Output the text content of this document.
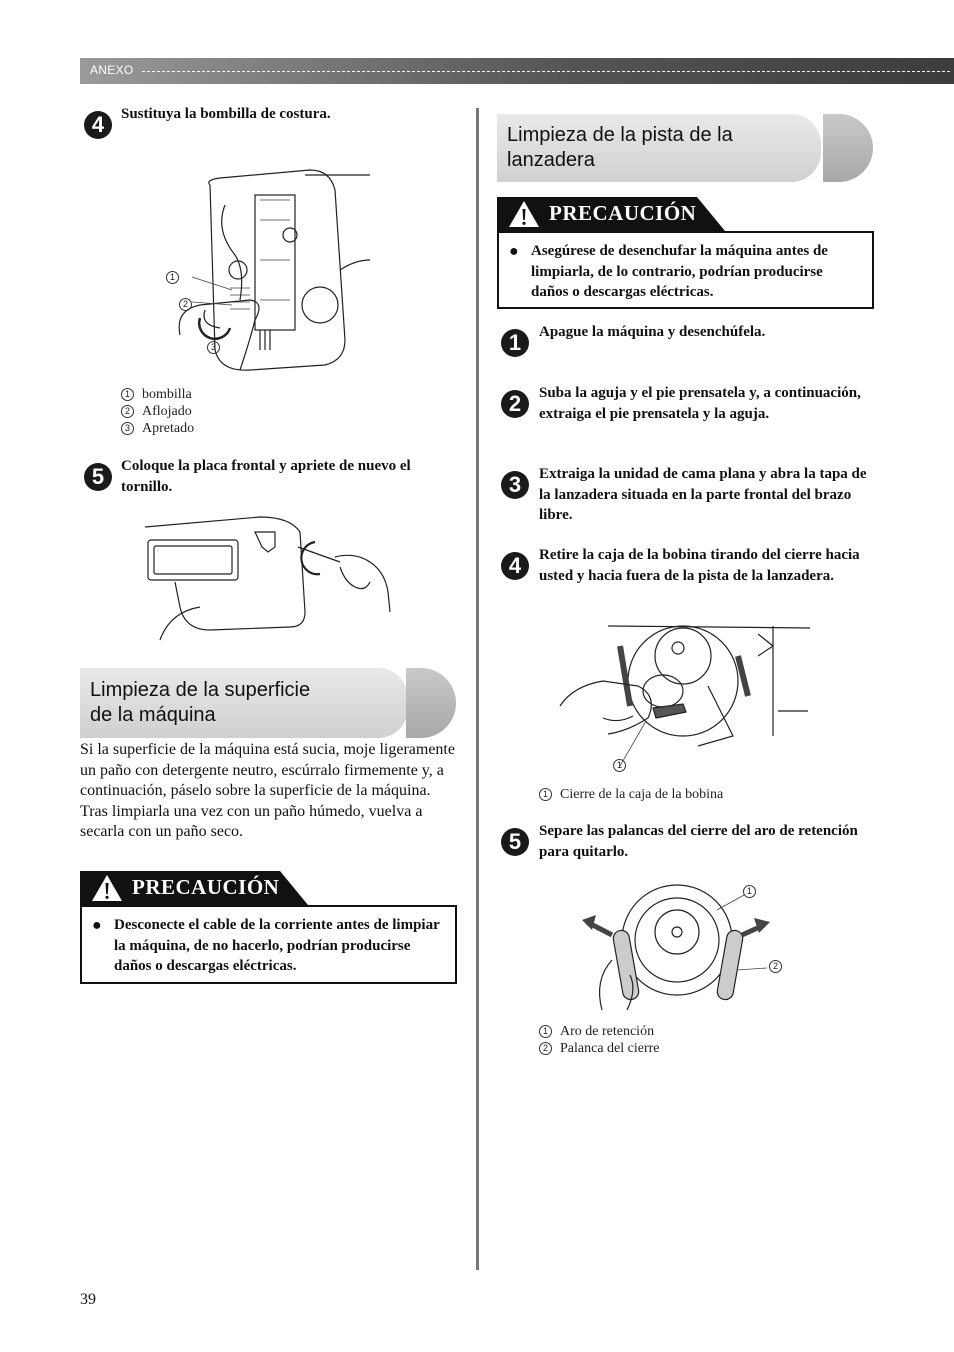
ANEXO
4	Sustituya la bombilla de costura.
1
2
3
1 bombilla
2 Aflojado
3 Apretado
5	Coloque la placa frontal y apriete de nuevo el tornillo.
Limpieza de la superficie
de la máquina
Si la superficie de la máquina está sucia, moje ligeramente un paño con detergente neutro, escúrralo firmemente y, a continuación, páselo sobre la superficie de la máquina. Tras limpiarla una vez con un paño húmedo, vuelva a secarla con un paño seco.
PRECAUCIÓN
● Desconecte el cable de la corriente antes de limpiar la máquina, de no hacerlo, podrían producirse daños o descargas eléctricas.
Limpieza de la pista de la
lanzadera
PRECAUCIÓN
● Asegúrese de desenchufar la máquina antes de limpiarla, de lo contrario, podrían producirse daños o descargas eléctricas.
1	Apague la máquina y desenchúfela.
2	Suba la aguja y el pie prensatela y, a continuación, extraiga el pie prensatela y la aguja.
3	Extraiga la unidad de cama plana y abra la tapa de la lanzadera situada en la parte frontal del brazo libre.
4	Retire la caja de la bobina tirando del cierre hacia usted y hacia fuera de la pista de la lanzadera.
1
1 Cierre de la caja de la bobina
5	Separe las palancas del cierre del aro de retención para quitarlo.
1
2
1 Aro de retención
2 Palanca del cierre
39
